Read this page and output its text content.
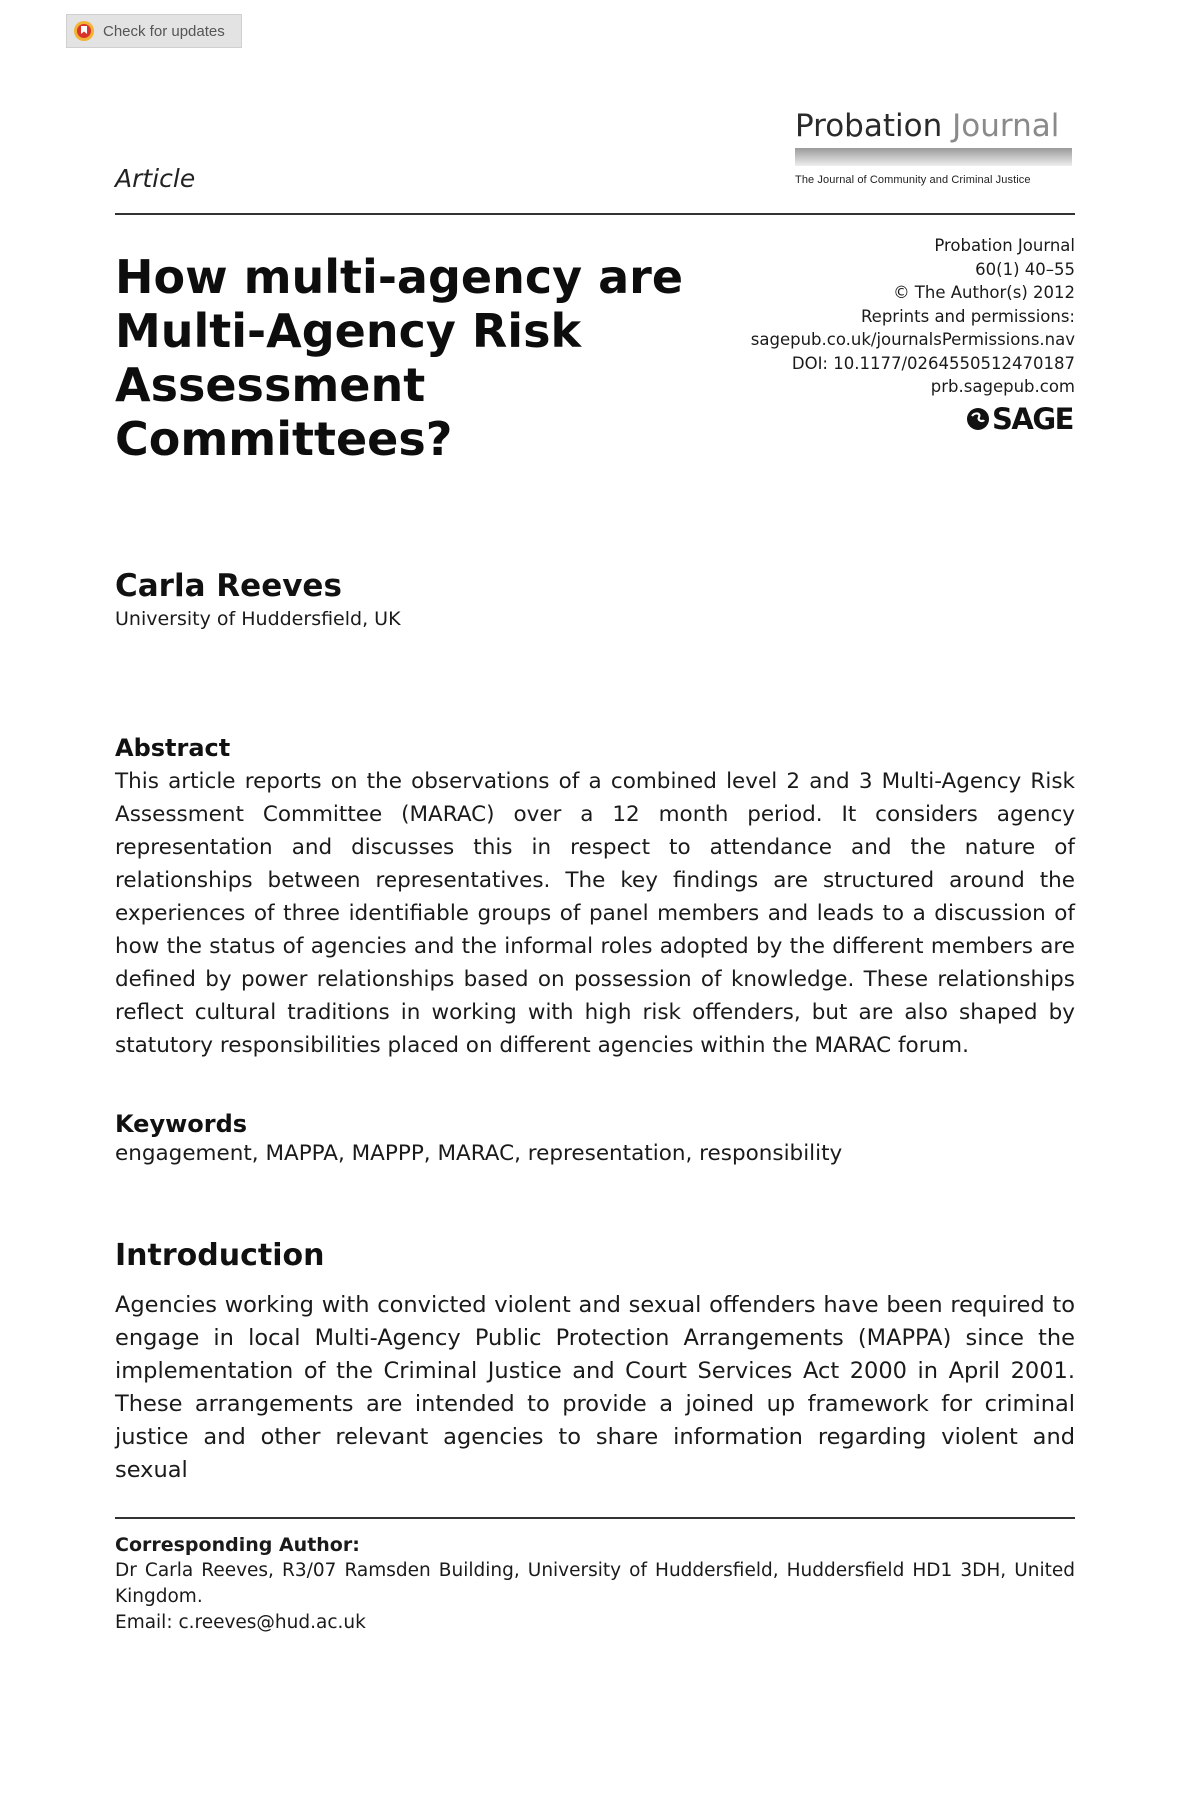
Check for updates
Probation Journal
The Journal of Community and Criminal Justice
Article
How multi-agency are Multi-Agency Risk Assessment Committees?
Probation Journal
60(1) 40–55
© The Author(s) 2012
Reprints and permissions:
sagepub.co.uk/journalsPermissions.nav
DOI: 10.1177/0264550512470187
prb.sagepub.com
SAGE
Carla Reeves
University of Huddersfield, UK
Abstract

This article reports on the observations of a combined level 2 and 3 Multi-Agency Risk Assessment Committee (MARAC) over a 12 month period. It considers agency representation and discusses this in respect to attendance and the nature of relationships between representatives. The key findings are structured around the experiences of three identifiable groups of panel members and leads to a discussion of how the status of agencies and the informal roles adopted by the different members are defined by power relationships based on possession of knowledge. These relationships reflect cultural traditions in working with high risk offenders, but are also shaped by statutory responsibilities placed on different agencies within the MARAC forum.

Keywords
engagement, MAPPA, MAPPP, MARAC, representation, responsibility
Introduction

Agencies working with convicted violent and sexual offenders have been required to engage in local Multi-Agency Public Protection Arrangements (MAPPA) since the implementation of the Criminal Justice and Court Services Act 2000 in April 2001. These arrangements are intended to provide a joined up framework for criminal justice and other relevant agencies to share information regarding violent and sexual

Corresponding Author:
Dr Carla Reeves, R3/07 Ramsden Building, University of Huddersfield, Huddersfield HD1 3DH, United Kingdom.
Email: c.reeves@hud.ac.uk
